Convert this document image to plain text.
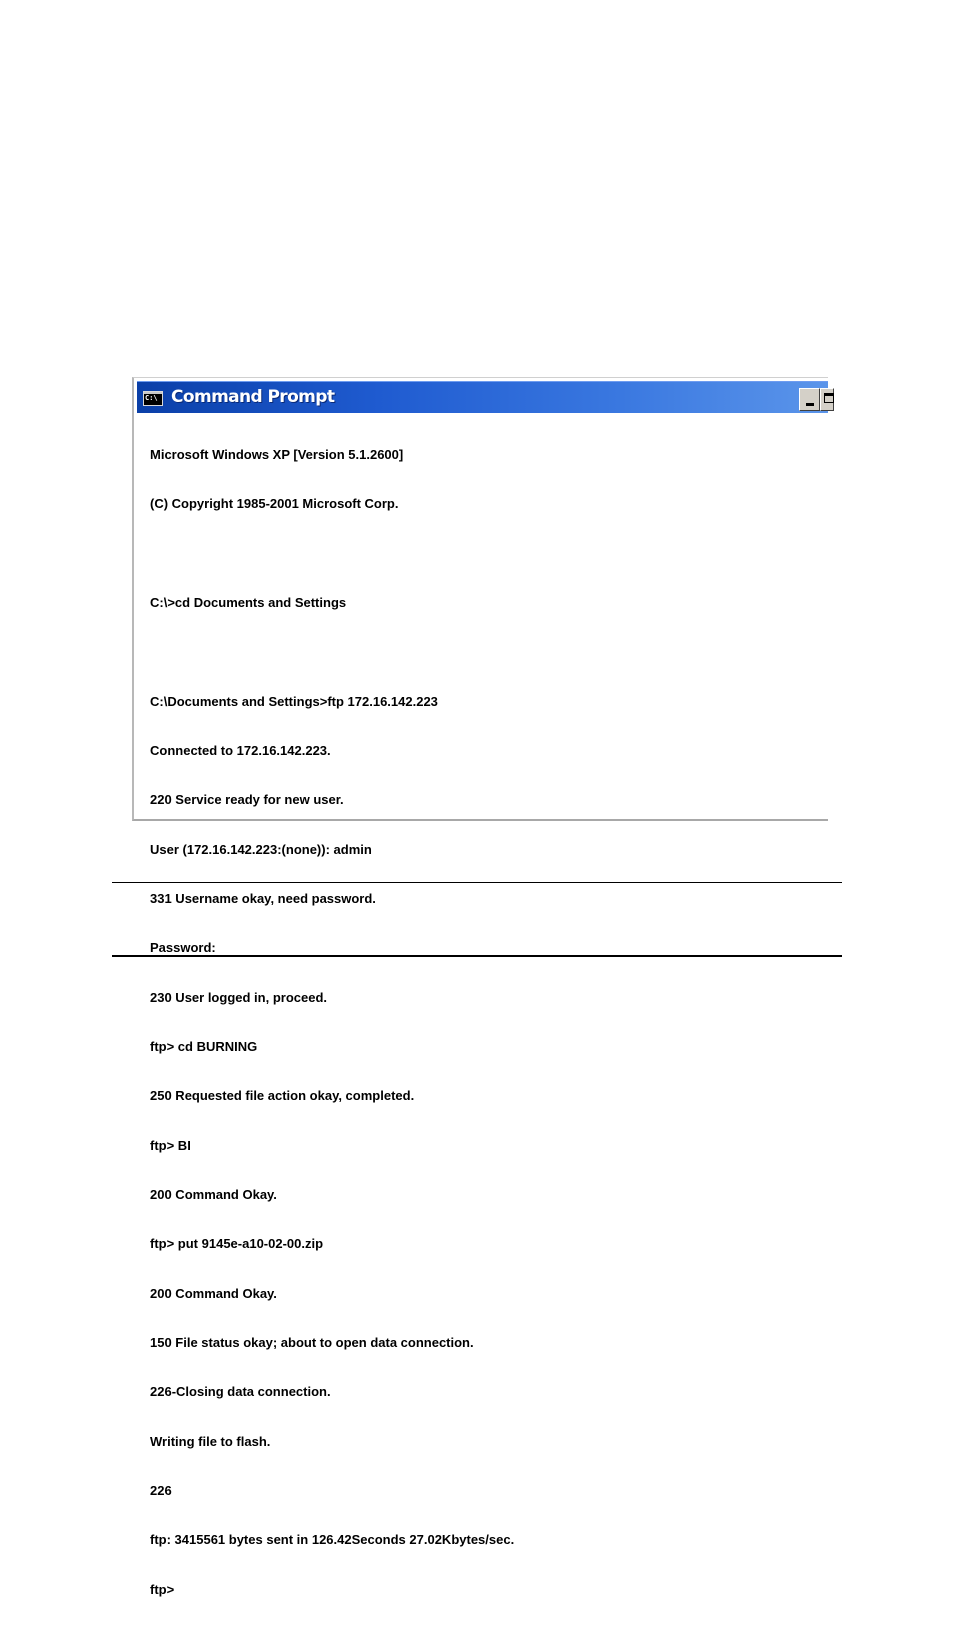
C:\ Command Prompt

Microsoft Windows XP [Version 5.1.2600]

(C) Copyright 1985-2001 Microsoft Corp.

C:\>cd Documents and Settings

C:\Documents and Settings>ftp 172.16.142.223

Connected to 172.16.142.223.

220 Service ready for new user.

User (172.16.142.223:(none)): admin

331 Username okay, need password.

Password:

230 User logged in, proceed.

ftp> cd BURNING

250 Requested file action okay, completed.

ftp> BI

200 Command Okay.

ftp> put 9145e-a10-02-00.zip

200 Command Okay.

150 File status okay; about to open data connection.

226-Closing data connection.

Writing file to flash.

226

ftp: 3415561 bytes sent in 126.42Seconds 27.02Kbytes/sec.

ftp>
